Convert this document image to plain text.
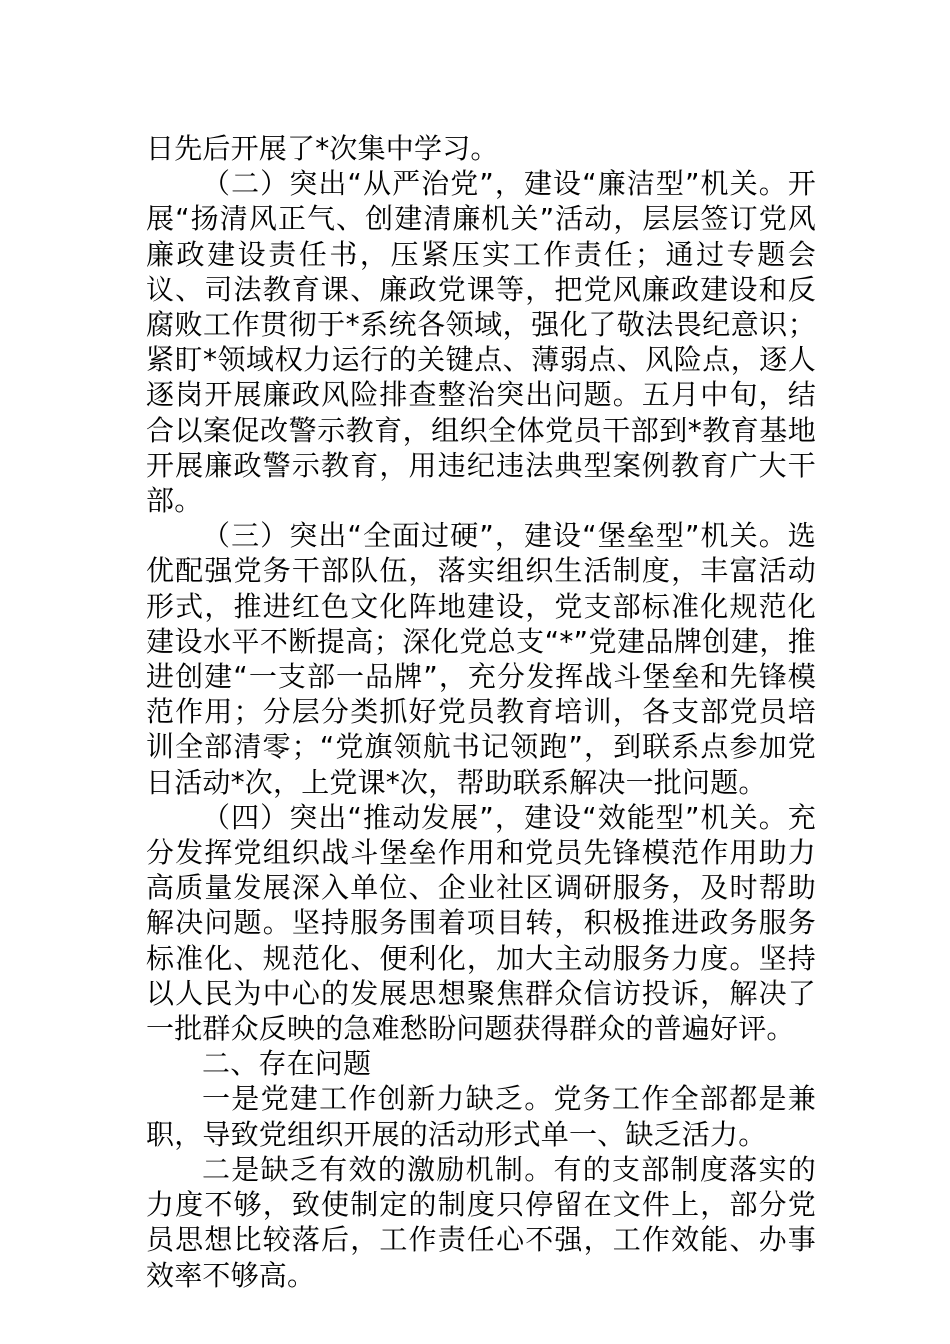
日先后开展了*次集中学习。

（二）突出“从严治党”，建设“廉洁型”机关。开展“扬清风正气、创建清廉机关”活动，层层签订党风廉政建设责任书，压紧压实工作责任；通过专题会议、司法教育课、廉政党课等，把党风廉政建设和反腐败工作贯彻于*系统各领域，强化了敬法畏纪意识；紧盯*领域权力运行的关键点、薄弱点、风险点，逐人逐岗开展廉政风险排查整治突出问题。五月中旬，结合以案促改警示教育，组织全体党员干部到*教育基地开展廉政警示教育，用违纪违法典型案例教育广大干部。

（三）突出“全面过硬”，建设“堡垒型”机关。选优配强党务干部队伍，落实组织生活制度，丰富活动形式，推进红色文化阵地建设，党支部标准化规范化建设水平不断提高；深化党总支“*”党建品牌创建，推进创建“一支部一品牌”，充分发挥战斗堡垒和先锋模范作用；分层分类抓好党员教育培训，各支部党员培训全部清零；“党旗领航书记领跑”，到联系点参加党日活动*次，上党课*次，帮助联系解决一批问题。

（四）突出“推动发展”，建设“效能型”机关。充分发挥党组织战斗堡垒作用和党员先锋模范作用助力高质量发展深入单位、企业社区调研服务，及时帮助解决问题。坚持服务围着项目转，积极推进政务服务标准化、规范化、便利化，加大主动服务力度。坚持以人民为中心的发展思想聚焦群众信访投诉，解决了一批群众反映的急难愁盼问题获得群众的普遍好评。

二、存在问题

一是党建工作创新力缺乏。党务工作全部都是兼职，导致党组织开展的活动形式单一、缺乏活力。

二是缺乏有效的激励机制。有的支部制度落实的力度不够，致使制定的制度只停留在文件上，部分党员思想比较落后，工作责任心不强，工作效能、办事效率不够高。
